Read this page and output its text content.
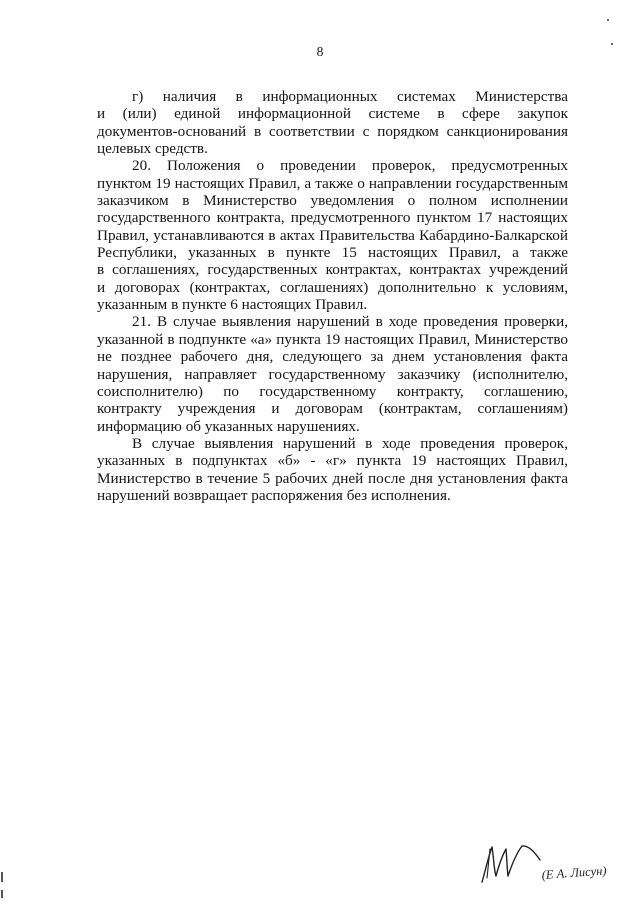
8
г) наличия в информационных системах Министерства
и (или) единой информационной системе в сфере закупок
документов-оснований в соответствии с порядком санкционирования
целевых средств.
20. Положения о проведении проверок, предусмотренных
пунктом 19 настоящих Правил, а также о направлении государственным
заказчиком в Министерство уведомления о полном исполнении
государственного контракта, предусмотренного пунктом 17 настоящих
Правил, устанавливаются в актах Правительства Кабардино-Балкарской
Республики, указанных в пункте 15 настоящих Правил, а также
в соглашениях, государственных контрактах, контрактах учреждений
и договорах (контрактах, соглашениях) дополнительно к условиям,
указанным в пункте 6 настоящих Правил.
21. В случае выявления нарушений в ходе проведения проверки,
указанной в подпункте «а» пункта 19 настоящих Правил, Министерство
не позднее рабочего дня, следующего за днем установления факта
нарушения, направляет государственному заказчику (исполнителю,
соисполнителю) по государственному контракту, соглашению,
контракту учреждения и договорам (контрактам, соглашениям)
информацию об указанных нарушениях.
В случае выявления нарушений в ходе проведения проверок,
указанных в подпунктах «б» - «г» пункта 19 настоящих Правил,
Министерство в течение 5 рабочих дней после дня установления факта
нарушений возвращает распоряжения без исполнения.
(Е А. Лисун)
